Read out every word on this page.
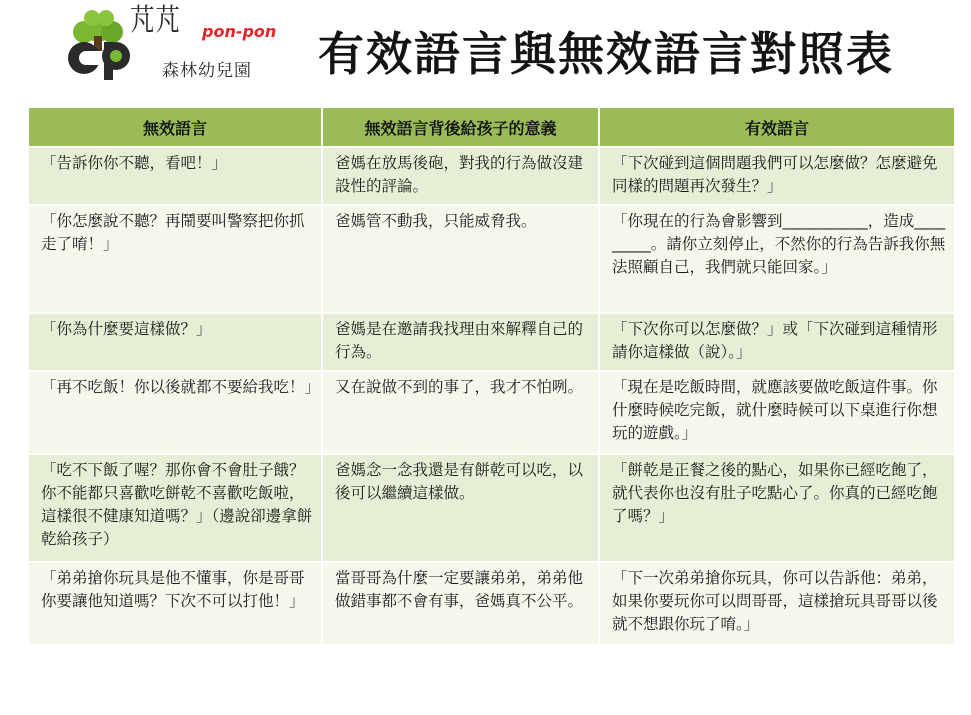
芃芃 pon-pon
森林幼兒園 有效語言與無效語言對照表
無效語言	無效語言背後給孩子的意義	有效語言
「告訴你你不聽，看吧！」	爸媽在放馬後砲，對我的行為做沒建設性的評論。	「下次碰到這個問題我們可以怎麼做？怎麼避免同樣的問題再次發生？」
「你怎麼說不聽？再鬧要叫警察把你抓走了唷！」	爸媽管不動我，只能威脅我。	「你現在的行為會影響到___________，造成_________。請你立刻停止，不然你的行為告訴我你無法照顧自己，我們就只能回家。」
「你為什麼要這樣做？」	爸媽是在邀請我找理由來解釋自己的行為。	「下次你可以怎麼做？」或「下次碰到這種情形請你這樣做（說）。」
「再不吃飯！你以後就都不要給我吃！」	又在說做不到的事了，我才不怕咧。	「現在是吃飯時間，就應該要做吃飯這件事。你什麼時候吃完飯，就什麼時候可以下桌進行你想玩的遊戲。」
「吃不下飯了喔？那你會不會肚子餓？你不能都只喜歡吃餅乾不喜歡吃飯啦，這樣很不健康知道嗎？」（邊說卻邊拿餅乾給孩子）	爸媽念一念我還是有餅乾可以吃，以後可以繼續這樣做。	「餅乾是正餐之後的點心，如果你已經吃飽了，就代表你也沒有肚子吃點心了。你真的已經吃飽了嗎？」
「弟弟搶你玩具是他不懂事，你是哥哥你要讓他知道嗎？下次不可以打他！」	當哥哥為什麼一定要讓弟弟，弟弟他做錯事都不會有事，爸媽真不公平。	「下一次弟弟搶你玩具，你可以告訴他：弟弟，如果你要玩你可以問哥哥，這樣搶玩具哥哥以後就不想跟你玩了唷。」
